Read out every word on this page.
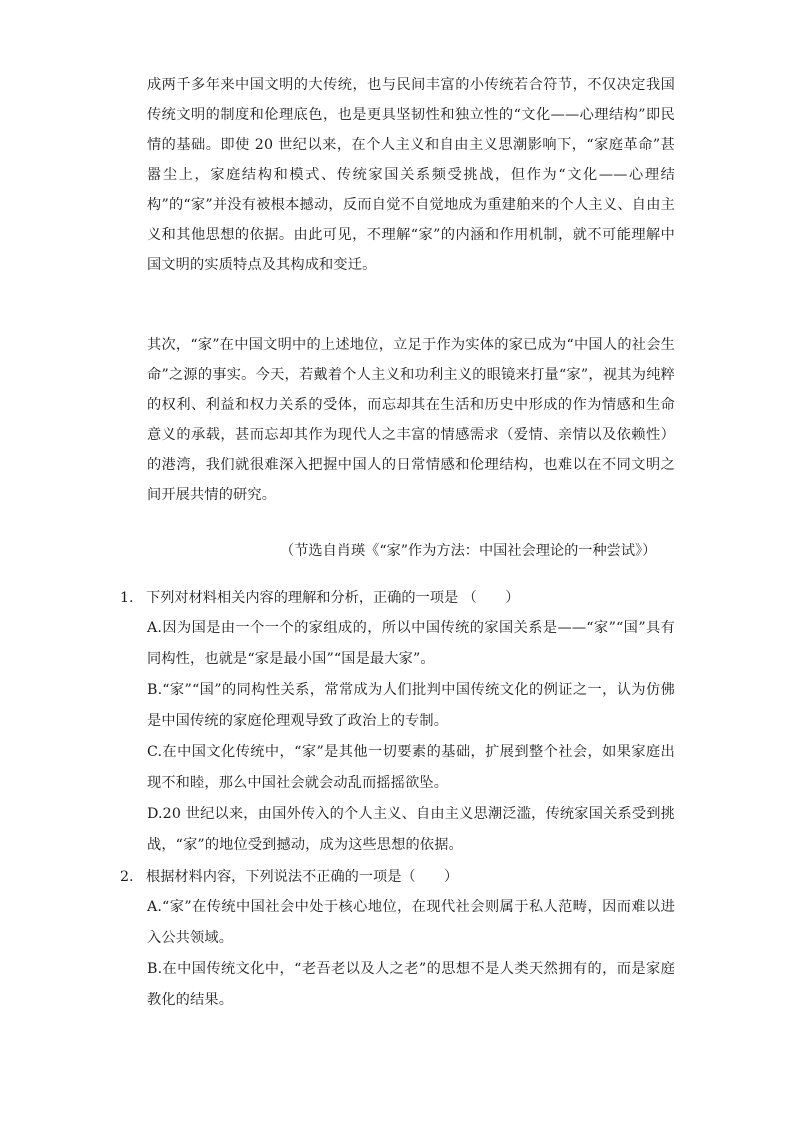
成两千多年来中国文明的大传统，也与民间丰富的小传统若合符节，不仅决定我国传统文明的制度和伦理底色，也是更具坚韧性和独立性的“文化——心理结构”即民情的基础。即使 20 世纪以来，在个人主义和自由主义思潮影响下，“家庭革命”甚嚣尘上，家庭结构和模式、传统家国关系频受挑战，但作为“文化——心理结构”的“家”并没有被根本撼动，反而自觉不自觉地成为重建舶来的个人主义、自由主义和其他思想的依据。由此可见，不理解“家”的内涵和作用机制，就不可能理解中国文明的实质特点及其构成和变迁。

其次，“家”在中国文明中的上述地位，立足于作为实体的家已成为“中国人的社会生命”之源的事实。今天，若戴着个人主义和功利主义的眼镜来打量“家”，视其为纯粹的权利、利益和权力关系的受体，而忘却其在生活和历史中形成的作为情感和生命意义的承载，甚而忘却其作为现代人之丰富的情感需求（爱情、亲情以及依赖性）的港湾，我们就很难深入把握中国人的日常情感和伦理结构，也难以在不同文明之间开展共情的研究。

（节选自肖瑛《“家”作为方法：中国社会理论的一种尝试》）

1. 下列对材料相关内容的理解和分析，正确的一项是 （　　）

A.因为国是由一个一个的家组成的，所以中国传统的家国关系是——“家”“国”具有同构性，也就是“家是最小国”“国是最大家”。

B.“家”“国”的同构性关系，常常成为人们批判中国传统文化的例证之一，认为仿佛是中国传统的家庭伦理观导致了政治上的专制。

C.在中国文化传统中，“家”是其他一切要素的基础，扩展到整个社会，如果家庭出现不和睦，那么中国社会就会动乱而摇摇欲坠。

D.20 世纪以来，由国外传入的个人主义、自由主义思潮泛滥，传统家国关系受到挑战，“家”的地位受到撼动，成为这些思想的依据。

2. 根据材料内容，下列说法不正确的一项是（　　）

A.“家”在传统中国社会中处于核心地位，在现代社会则属于私人范畴，因而难以进入公共领域。

B.在中国传统文化中，“老吾老以及人之老”的思想不是人类天然拥有的，而是家庭教化的结果。
